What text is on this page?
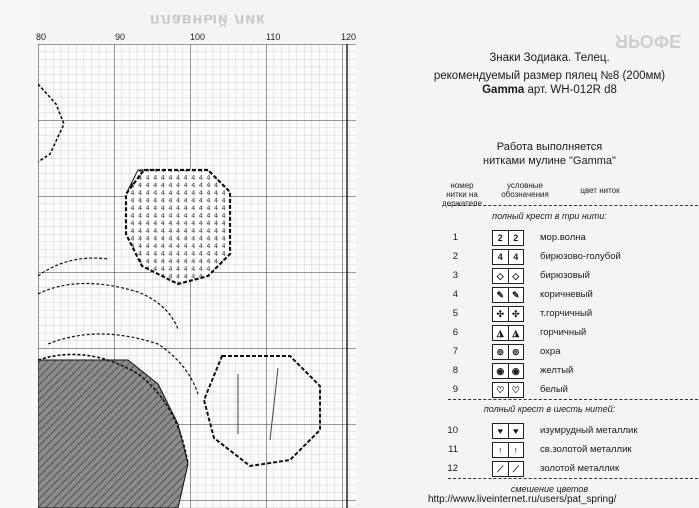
плавный лик
ЯРОФЕ
80	90	100	110	120
Знаки Зодиака. Телец.
рекомендуемый размер пялец №8 (200мм)
Gamma арт. WH-012R d8
Работа выполняется
нитками мулине "Gamma"
номер нитки на держателе
условные обозначения	цвет ниток
полный крест в три нити:
1	2	2	мор.волна
2	4	4	бирюзово-голубой
3	◇ ◇	бирюзовый
4	✎ ✎	коричневый
5	✣ ✣	т.горчичный
6	◮ ◮	горчичный
7	⊚ ⊚	охра
8	◉ ◉	желтый
9	♡ ♡	белый
полный крест в шесть нитей:
10	♥	♥	изумрудный металлик
11	↑	↑	св.золотой металлик
12	⟋	⟋	золотой металлик
смешение цветов
http://www.liveinternet.ru/users/pat_spring/
